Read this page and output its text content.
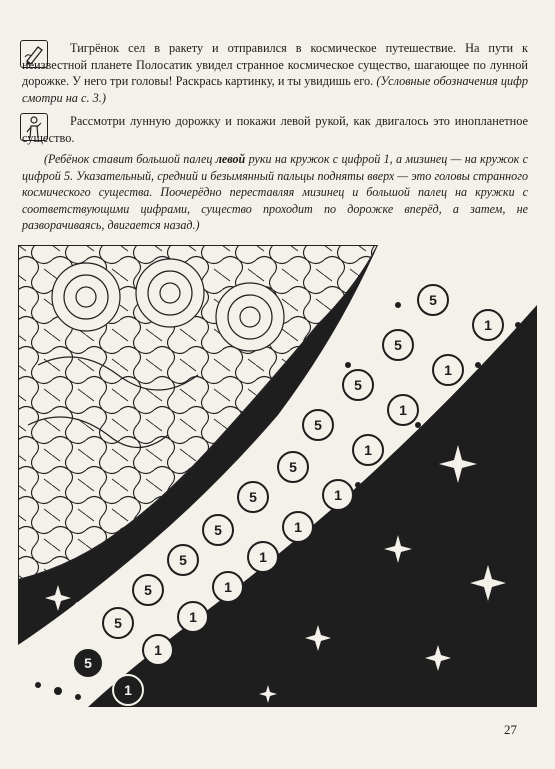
Тигрёнок сел в ракету и отправился в космическое путешествие. На пути к неизвестной планете Полосатик увидел странное космическое существо, шагающее по лунной дорожке. У него три головы! Раскрась картинку, и ты увидишь его. (Условные обозначения цифр смотри на с. 3.)
Рассмотри лунную дорожку и покажи левой рукой, как двигалось это инопланетное существо.
(Ребёнок ставит большой палец левой руки на кружок с цифрой 1, а мизинец — на кружок с цифрой 5. Указательный, средний и безымянный пальцы подняты вверх — это головы странного космического существа. Поочерёдно переставляя мизинец и большой палец на кружки с соответствующими цифрами, существо проходит по дорожке вперёд, а затем, не разворачиваясь, двигается назад.)
5
1
5
1
5
1
5
1
5
1
5
1
5
1
5
1
5
1
5
1
5
1
27
